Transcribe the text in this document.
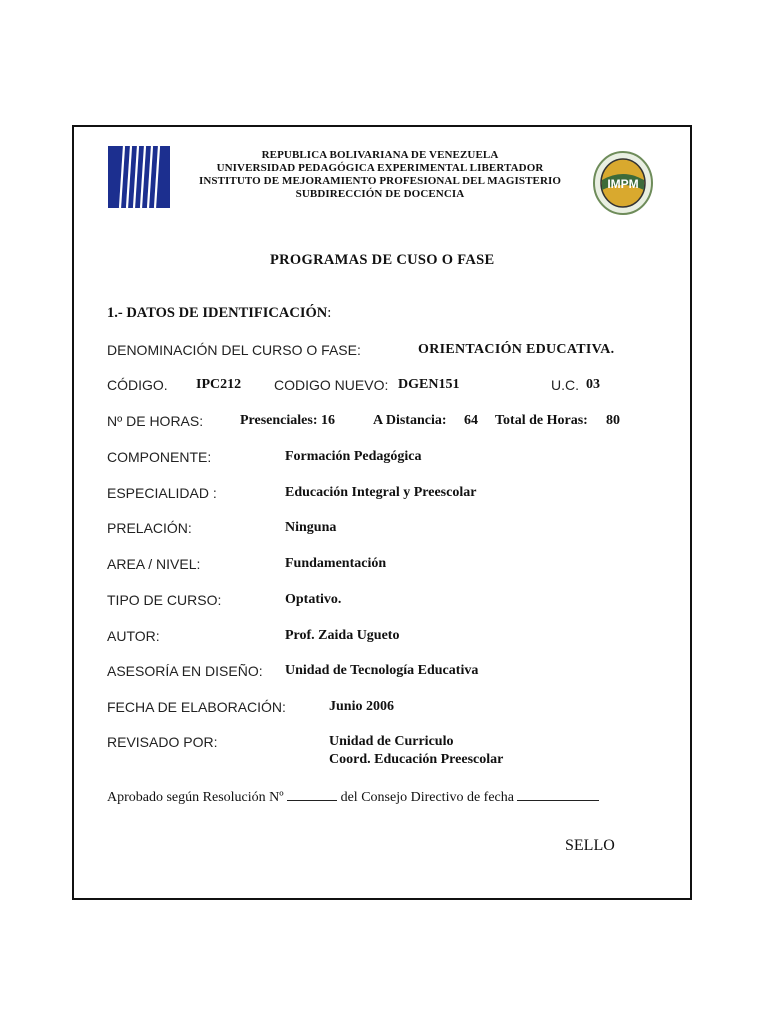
IMPM
REPUBLICA BOLIVARIANA DE VENEZUELA
UNIVERSIDAD PEDAGÓGICA EXPERIMENTAL LIBERTADOR
INSTITUTO DE MEJORAMIENTO PROFESIONAL DEL MAGISTERIO
SUBDIRECCIÓN DE DOCENCIA
PROGRAMAS DE CUSO O FASE
1.- DATOS DE IDENTIFICACIÓN:
DENOMINACIÓN DEL CURSO O FASE:	ORIENTACIÓN EDUCATIVA.
CÓDIGO. IPC212 CODIGO NUEVO: DGEN151	U.C. 03
Nº DE HORAS:	Presenciales: 16	A Distancia: 64 Total de Horas: 80
COMPONENTE:	Formación Pedagógica
ESPECIALIDAD :	Educación Integral y Preescolar
PRELACIÓN:	Ninguna
AREA / NIVEL:	Fundamentación
TIPO DE CURSO:	Optativo.
AUTOR:	Prof. Zaida Ugueto
ASESORÍA EN DISEÑO: Unidad de Tecnología Educativa
FECHA DE ELABORACIÓN:	Junio 2006
REVISADO POR:	Unidad de Curriculo
Coord. Educación Preescolar
Aprobado según Resolución Nº	del Consejo Directivo de fecha
SELLO
